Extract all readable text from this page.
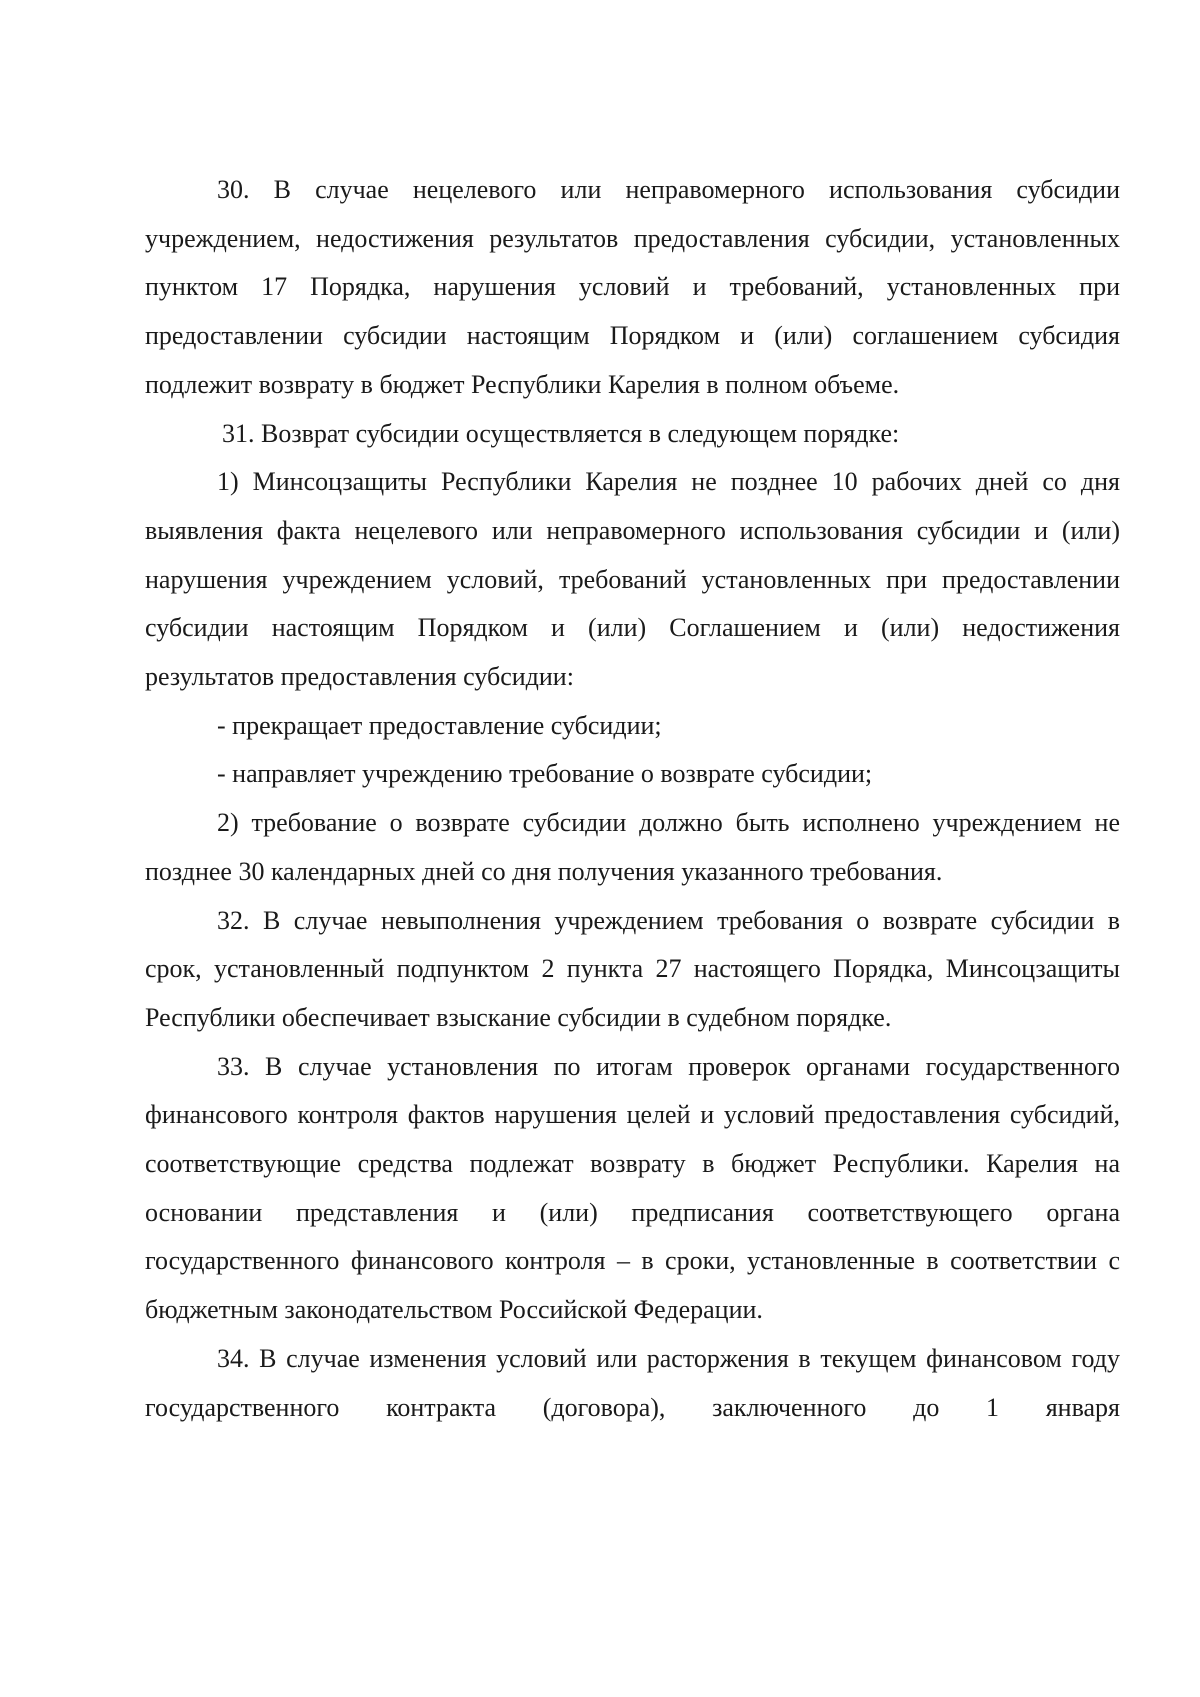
30. В случае нецелевого или неправомерного использования субсидии учреждением, недостижения результатов предоставления субсидии, установленных пунктом 17 Порядка, нарушения условий и требований, установленных при предоставлении субсидии настоящим Порядком и (или) соглашением субсидия подлежит возврату в бюджет Республики Карелия в полном объеме.

31. Возврат субсидии осуществляется в следующем порядке:

1) Минсоцзащиты Республики Карелия не позднее 10 рабочих дней со дня выявления факта нецелевого или неправомерного использования субсидии и (или) нарушения учреждением условий, требований установленных при предоставлении субсидии настоящим Порядком и (или) Соглашением и (или) недостижения результатов предоставления субсидии:

- прекращает предоставление субсидии;

- направляет учреждению требование о возврате субсидии;

2) требование о возврате субсидии должно быть исполнено учреждением не позднее 30 календарных дней со дня получения указанного требования.

32. В случае невыполнения учреждением требования о возврате субсидии в срок, установленный подпунктом 2 пункта 27 настоящего Порядка, Минсоцзащиты Республики обеспечивает взыскание субсидии в судебном порядке.

33. В случае установления по итогам проверок органами государственного финансового контроля фактов нарушения целей и условий предоставления субсидий, соответствующие средства подлежат возврату в бюджет Республики. Карелия на основании представления и (или) предписания соответствующего органа государственного финансового контроля – в сроки, установленные в соответствии с бюджетным законодательством Российской Федерации.

34. В случае изменения условий или расторжения в текущем финансовом году государственного контракта (договора), заключенного до 1 января
